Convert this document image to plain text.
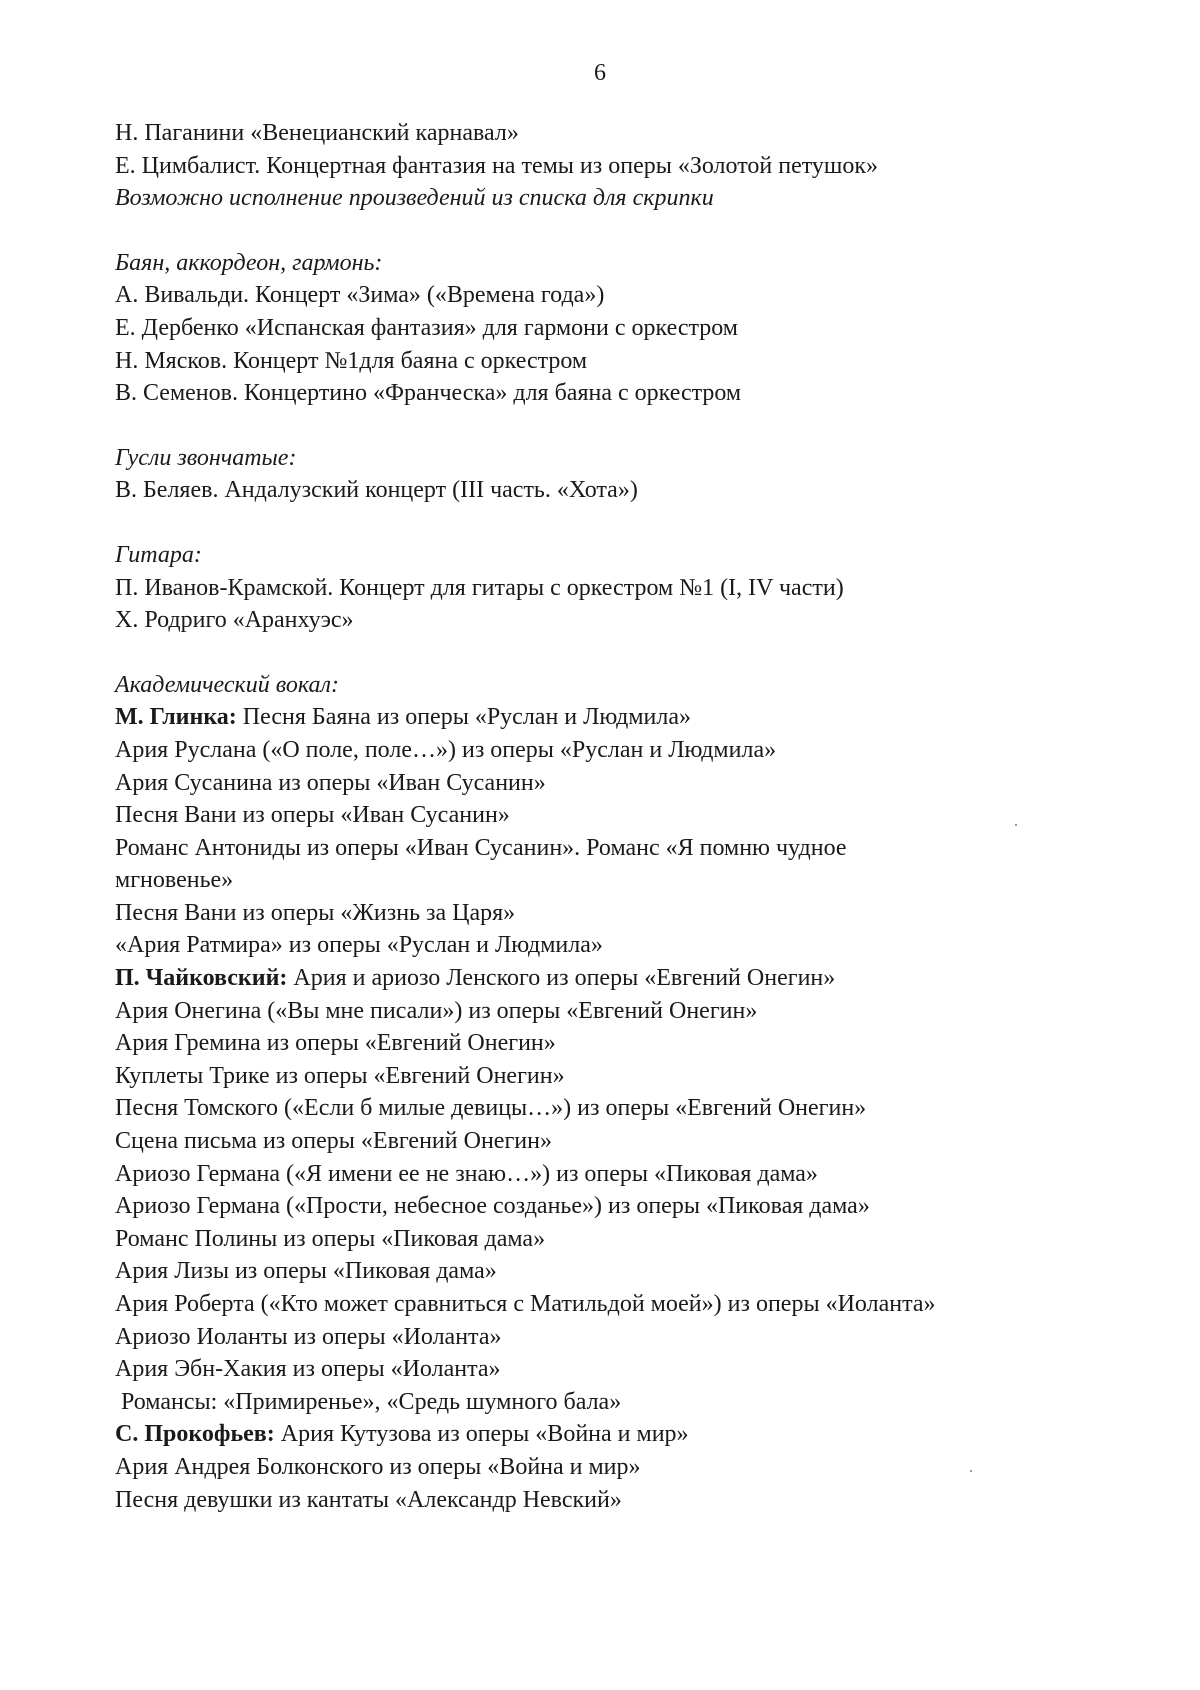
6
Н. Паганини «Венецианский карнавал»
Е. Цимбалист. Концертная фантазия на темы из оперы «Золотой петушок»
Возможно исполнение произведений из списка для скрипки
Баян, аккордеон, гармонь:
А. Вивальди. Концерт «Зима» («Времена года»)
Е. Дербенко «Испанская фантазия» для гармони с оркестром
Н. Мясков. Концерт №1для баяна с оркестром
В. Семенов. Концертино «Франческа» для баяна с оркестром
Гусли звончатые:
В. Беляев. Андалузский концерт (III часть. «Хота»)
Гитара:
П. Иванов-Крамской. Концерт для гитары с оркестром №1 (I, IV части)
Х. Родриго «Аранхуэс»
Академический вокал:
М. Глинка: Песня Баяна из оперы «Руслан и Людмила»
Ария Руслана («О поле, поле…») из оперы «Руслан и Людмила»
Ария Сусанина из оперы «Иван Сусанин»
Песня Вани из оперы «Иван Сусанин»
Романс Антониды из оперы «Иван Сусанин». Романс «Я помню чудное
мгновенье»
Песня Вани из оперы «Жизнь за Царя»
«Ария Ратмира» из оперы «Руслан и Людмила»
П. Чайковский: Ария и ариозо Ленского из оперы «Евгений Онегин»
Ария Онегина («Вы мне писали») из оперы «Евгений Онегин»
Ария Гремина из оперы «Евгений Онегин»
Куплеты Трике из оперы «Евгений Онегин»
Песня Томского («Если б милые девицы…») из оперы «Евгений Онегин»
Сцена письма из оперы «Евгений Онегин»
Ариозо Германа («Я имени ее не знаю…») из оперы «Пиковая дама»
Ариозо Германа («Прости, небесное созданье») из оперы «Пиковая дама»
Романс Полины из оперы «Пиковая дама»
Ария Лизы из оперы «Пиковая дама»
Ария Роберта («Кто может сравниться с Матильдой моей») из оперы «Иоланта»
Ариозо Иоланты из оперы «Иоланта»
Ария Эбн-Хакия из оперы «Иоланта»
Романсы: «Примиренье», «Средь шумного бала»
С. Прокофьев: Ария Кутузова из оперы «Война и мир»
Ария Андрея Болконского из оперы «Война и мир»
Песня девушки из кантаты «Александр Невский»
